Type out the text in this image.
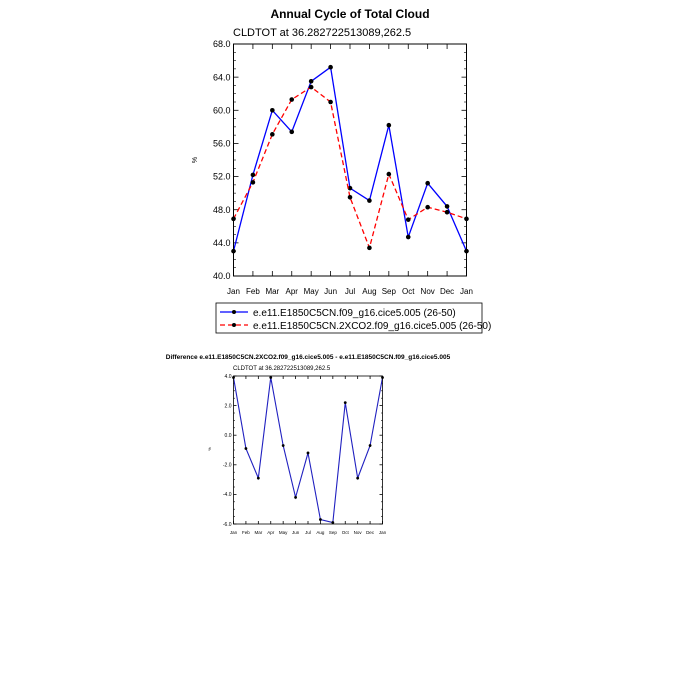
Annual Cycle of Total Cloud
CLDTOT at 36.282722513089,262.5
%
40.0
44.0
48.0
52.0
56.0
60.0
64.0
68.0
Jan Feb Mar Apr May Jun Jul Aug Sep Oct Nov Dec Jan
e.e11.E1850C5CN.f09_g16.cice5.005 (26-50)
e.e11.E1850C5CN.2XCO2.f09_g16.cice5.005 (26-50)
Difference e.e11.E1850C5CN.2XCO2.f09_g16.cice5.005 - e.e11.E1850C5CN.f09_g16.cice5.005
CLDTOT at 36.282722513089,262.5
%
-6.0
-4.0
-2.0
0.0
2.0
4.0
Jan Feb Mar Apr May Jun Jul Aug Sep Oct Nov Dec Jan
